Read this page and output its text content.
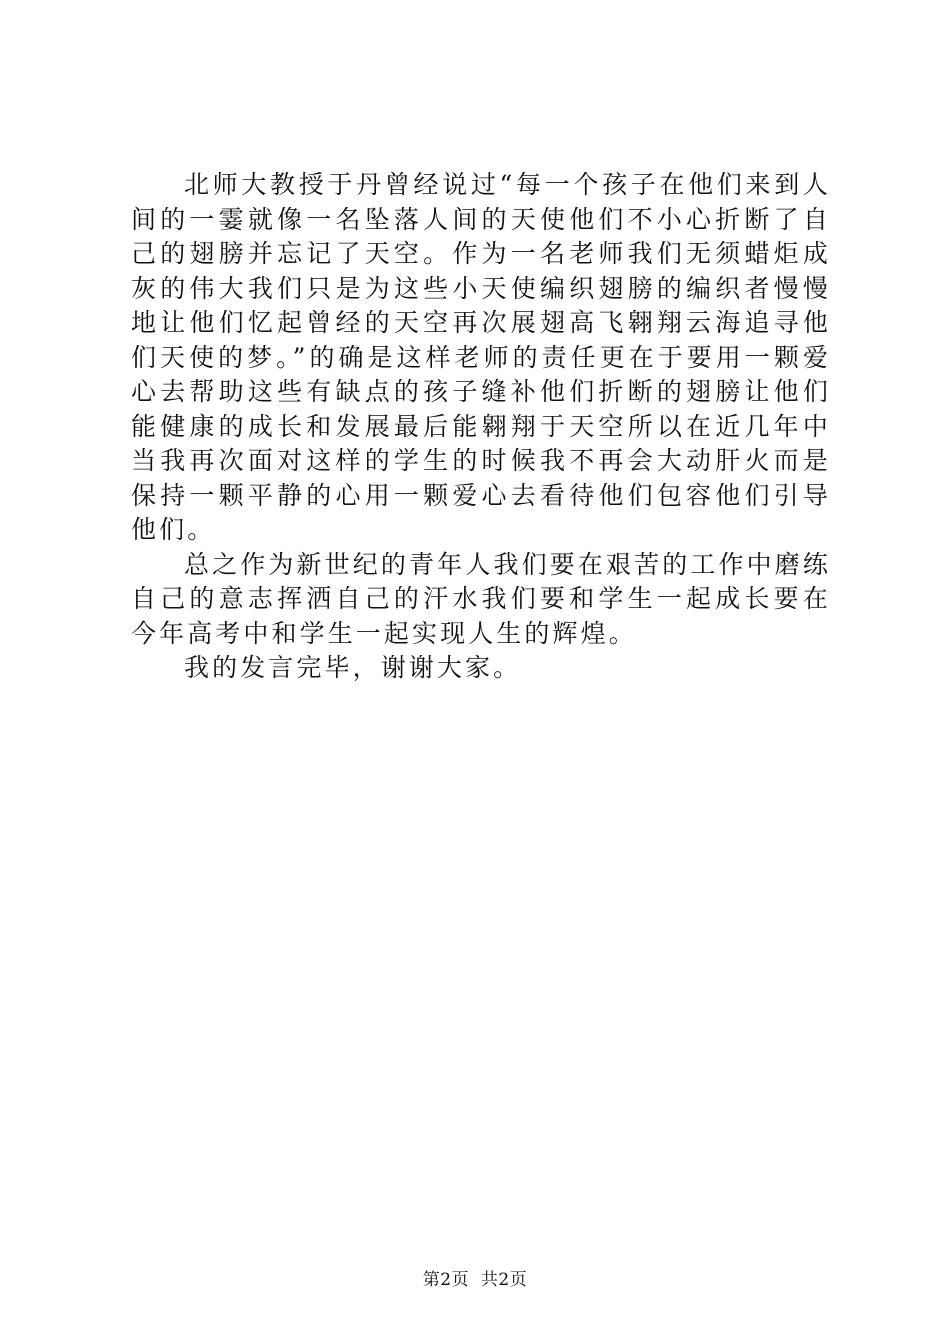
北师大教授于丹曾经说过“每一个孩子在他们来到人间的一霎就像一名坠落人间的天使他们不小心折断了自己的翅膀并忘记了天空。作为一名老师我们无须蜡炬成灰的伟大我们只是为这些小天使编织翅膀的编织者慢慢地让他们忆起曾经的天空再次展翅高飞翱翔云海追寻他们天使的梦。”的确是这样老师的责任更在于要用一颗爱心去帮助这些有缺点的孩子缝补他们折断的翅膀让他们能健康的成长和发展最后能翱翔于天空所以在近几年中当我再次面对这样的学生的时候我不再会大动肝火而是保持一颗平静的心用一颗爱心去看待他们包容他们引导他们。

总之作为新世纪的青年人我们要在艰苦的工作中磨练自己的意志挥洒自己的汗水我们要和学生一起成长要在今年高考中和学生一起实现人生的辉煌。

我的发言完毕，谢谢大家。

第2页  共2页
